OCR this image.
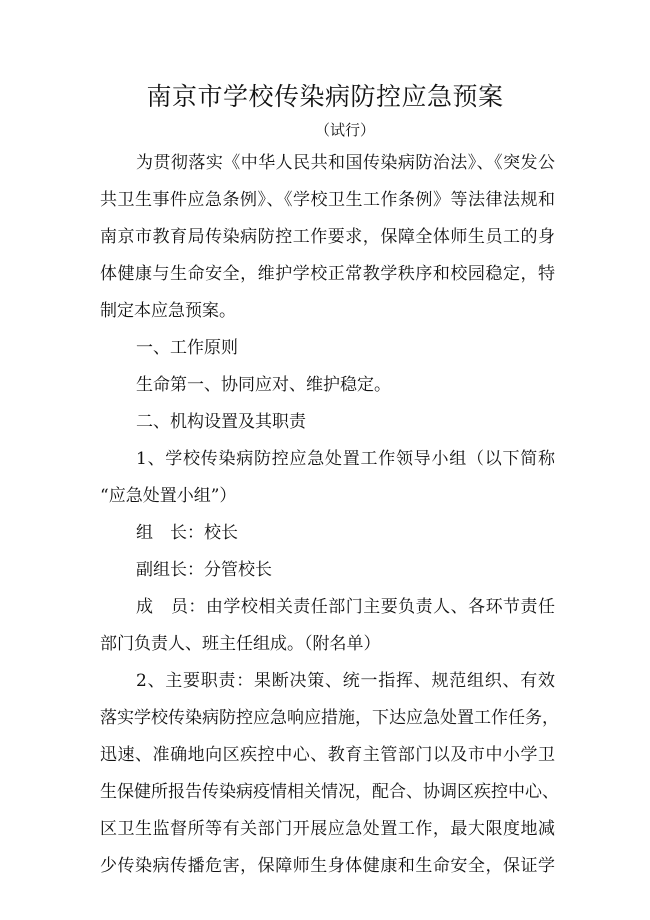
南京市学校传染病防控应急预案
（试行）
为贯彻落实《中华人民共和国传染病防治法》、《突发公
共卫生事件应急条例》、《学校卫生工作条例》等法律法规和
南京市教育局传染病防控工作要求，保障全体师生员工的身
体健康与生命安全，维护学校正常教学秩序和校园稳定，特
制定本应急预案。
一、工作原则
生命第一、协同应对、维护稳定。
二、机构设置及其职责
1、学校传染病防控应急处置工作领导小组（以下简称
“应急处置小组”）
组　长：校长
副组长：分管校长
成　员：由学校相关责任部门主要负责人、各环节责任
部门负责人、班主任组成。（附名单）
2、主要职责：果断决策、统一指挥、规范组织、有效
落实学校传染病防控应急响应措施，下达应急处置工作任务，
迅速、准确地向区疾控中心、教育主管部门以及市中小学卫
生保健所报告传染病疫情相关情况，配合、协调区疾控中心、
区卫生监督所等有关部门开展应急处置工作，最大限度地减
少传染病传播危害，保障师生身体健康和生命安全，保证学
